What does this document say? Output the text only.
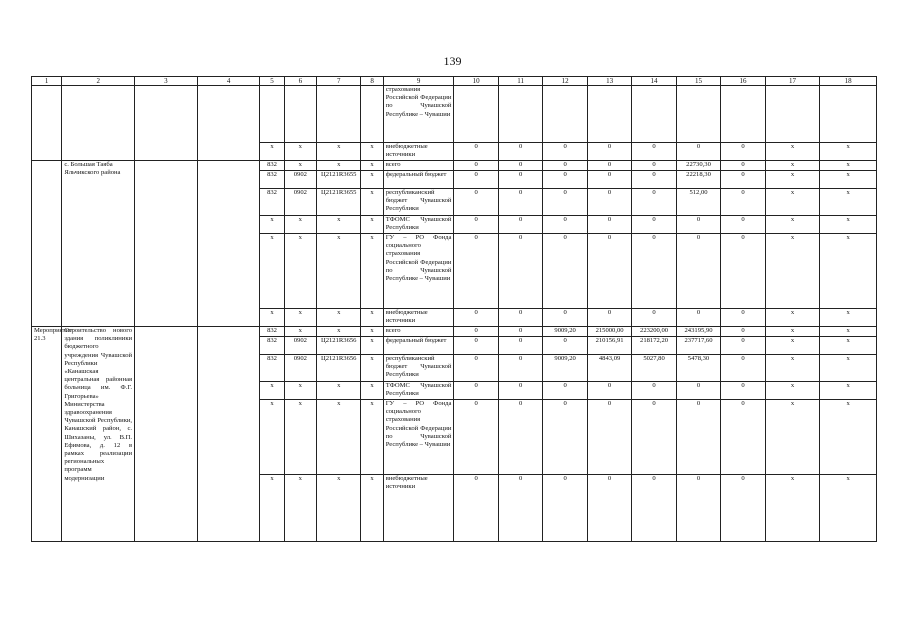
139
1	2	3	4	5	6	7	8	9	10	11	12	13	14	15	16	17	18
								страхования Российской Федерации по Чувашской Республике – Чувашии									
				x	x	x	x	внебюджетные источники	0	0	0	0	0	0	0	x	x
	с. Большая Таяба Яльчикского района			832	x	x	x	всего	0	0	0	0	0	22730,30	0	x	x
				832	0902	Ц2121R3655	x	федеральный бюджет	0	0	0	0	0	22218,30	0	x	x
				832	0902	Ц2121R3655	x	республиканский бюджет Чувашской Республики	0	0	0	0	0	512,00	0	x	x
				x	x	x	x	ТФОМС Чувашской Республики	0	0	0	0	0	0	0	x	x
				x	x	x	x	ГУ – РО Фонда социального страхования Российской Федерации по Чувашской Республике – Чувашии	0	0	0	0	0	0	0	x	x
				x	x	x	x	внебюджетные источники	0	0	0	0	0	0	0	x	x
Мероприятие 21.3	Строительство нового здания поликлиники бюджетного учреждения Чувашской Республики «Канашская центральная районная больница им. Ф.Г. Григорьева» Министерства здравоохранения Чувашской Республики, Канашский район, с. Шихазаны, ул. В.П. Ефимова, д. 12 в рамках реализации региональных программ модернизации			832	x	x	x	всего	0	0	9009,20	215000,00	223200,00	243195,90	0	x	x
				832	0902	Ц2121R3656	x	федеральный бюджет	0	0	0	210156,91	218172,20	237717,60	0	x	x
				832	0902	Ц2121R3656	x	республиканский бюджет Чувашской Республики	0	0	9009,20	4843,09	5027,80	5478,30	0	x	x
				x	x	x	x	ТФОМС Чувашской Республики	0	0	0	0	0	0	0	x	x
				x	x	x	x	ГУ – РО Фонда социального страхования Российской Федерации по Чувашской Республике – Чувашии	0	0	0	0	0	0	0	x	x
				x	x	x	x	внебюджетные источники	0	0	0	0	0	0	0	x	x
